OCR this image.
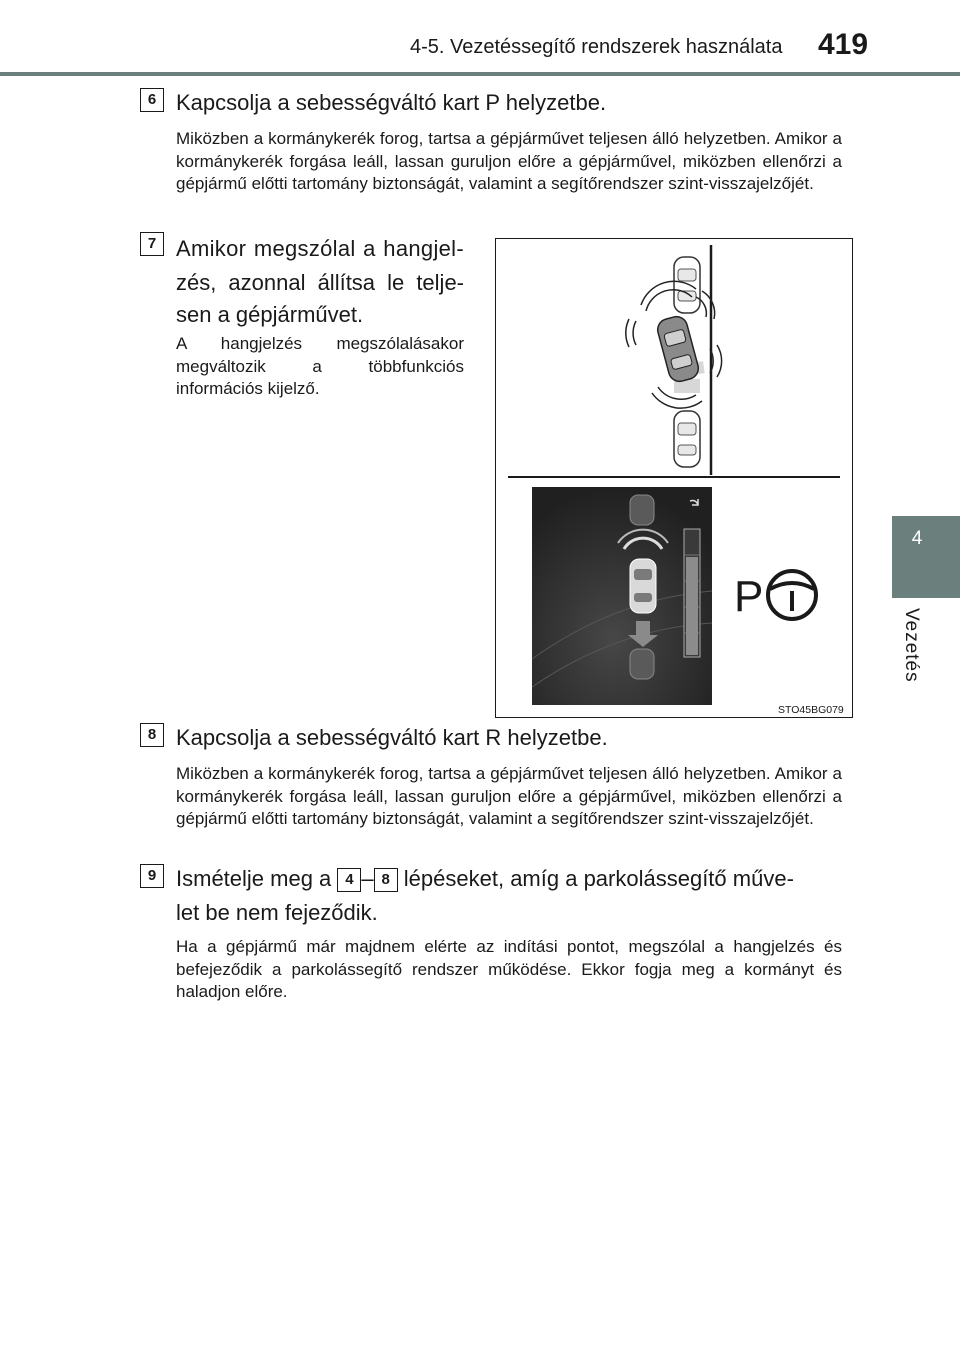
4-5. Vezetéssegítő rendszerek használata 419
4
Vezetés
6 Kapcsolja a sebességváltó kart P helyzetbe.
Miközben a kormánykerék forog, tartsa a gépjárművet teljesen álló helyzetben. Amikor a kormánykerék forgása leáll, lassan guruljon előre a gépjárművel, miközben ellenőrzi a gépjármű előtti tartomány biztonságát, valamint a segítőrendszer szint-visszajelzőjét.
7 Amikor megszólal a hangjel-
zés, azonnal állítsa le telje-
sen a gépjárművet.
A hangjelzés megszólalásakor megváltozik a többfunkciós információs kijelző.
P
STO45BG079
8 Kapcsolja a sebességváltó kart R helyzetbe.
Miközben a kormánykerék forog, tartsa a gépjárművet teljesen álló helyzetben. Amikor a kormánykerék forgása leáll, lassan guruljon előre a gépjárművel, miközben ellenőrzi a gépjármű előtti tartomány biztonságát, valamint a segítőrendszer szint-visszajelzőjét.
9 Ismételje meg a 4 – 8 lépéseket, amíg a parkolássegítő műve-
let be nem fejeződik.
Ha a gépjármű már majdnem elérte az indítási pontot, megszólal a hangjelzés és befejeződik a parkolássegítő rendszer működése. Ekkor fogja meg a kormányt és haladjon előre.
